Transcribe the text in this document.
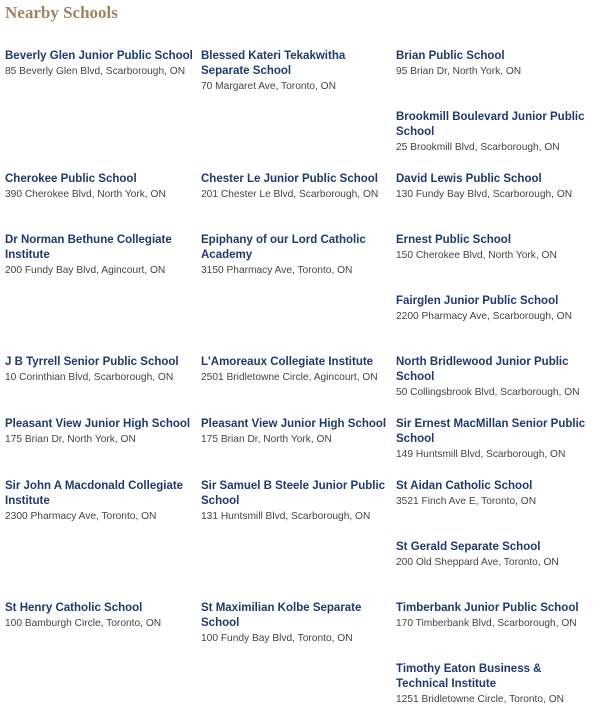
Nearby Schools
Beverly Glen Junior Public School
85 Beverly Glen Blvd, Scarborough, ON
Blessed Kateri Tekakwitha Separate School
70 Margaret Ave, Toronto, ON
Brian Public School
95 Brian Dr, North York, ON
Brookmill Boulevard Junior Public School
25 Brookmill Blvd, Scarborough, ON
Cherokee Public School
390 Cherokee Blvd, North York, ON
Chester Le Junior Public School
201 Chester Le Blvd, Scarborough, ON
David Lewis Public School
130 Fundy Bay Blvd, Scarborough, ON
Dr Norman Bethune Collegiate Institute
200 Fundy Bay Blvd, Agincourt, ON
Epiphany of our Lord Catholic Academy
3150 Pharmacy Ave, Toronto, ON
Ernest Public School
150 Cherokee Blvd, North York, ON
Fairglen Junior Public School
2200 Pharmacy Ave, Scarborough, ON
J B Tyrrell Senior Public School
10 Corinthian Blvd, Scarborough, ON
L'Amoreaux Collegiate Institute
2501 Bridletowne Circle, Agincourt, ON
North Bridlewood Junior Public School
50 Collingsbrook Blvd, Scarborough, ON
Pleasant View Junior High School
175 Brian Dr, North York, ON
Pleasant View Junior High School
175 Brian Dr, North York, ON
Sir Ernest MacMillan Senior Public School
149 Huntsmill Blvd, Scarborough, ON
Sir John A Macdonald Collegiate Institute
2300 Pharmacy Ave, Toronto, ON
Sir Samuel B Steele Junior Public School
131 Huntsmill Blvd, Scarborough, ON
St Aidan Catholic School
3521 Finch Ave E, Toronto, ON
St Gerald Separate School
200 Old Sheppard Ave, Toronto, ON
St Henry Catholic School
100 Bamburgh Circle, Toronto, ON
St Maximilian Kolbe Separate School
100 Fundy Bay Blvd, Toronto, ON
Timberbank Junior Public School
170 Timberbank Blvd, Scarborough, ON
Timothy Eaton Business & Technical Institute
1251 Bridletowne Circle, Toronto, ON
